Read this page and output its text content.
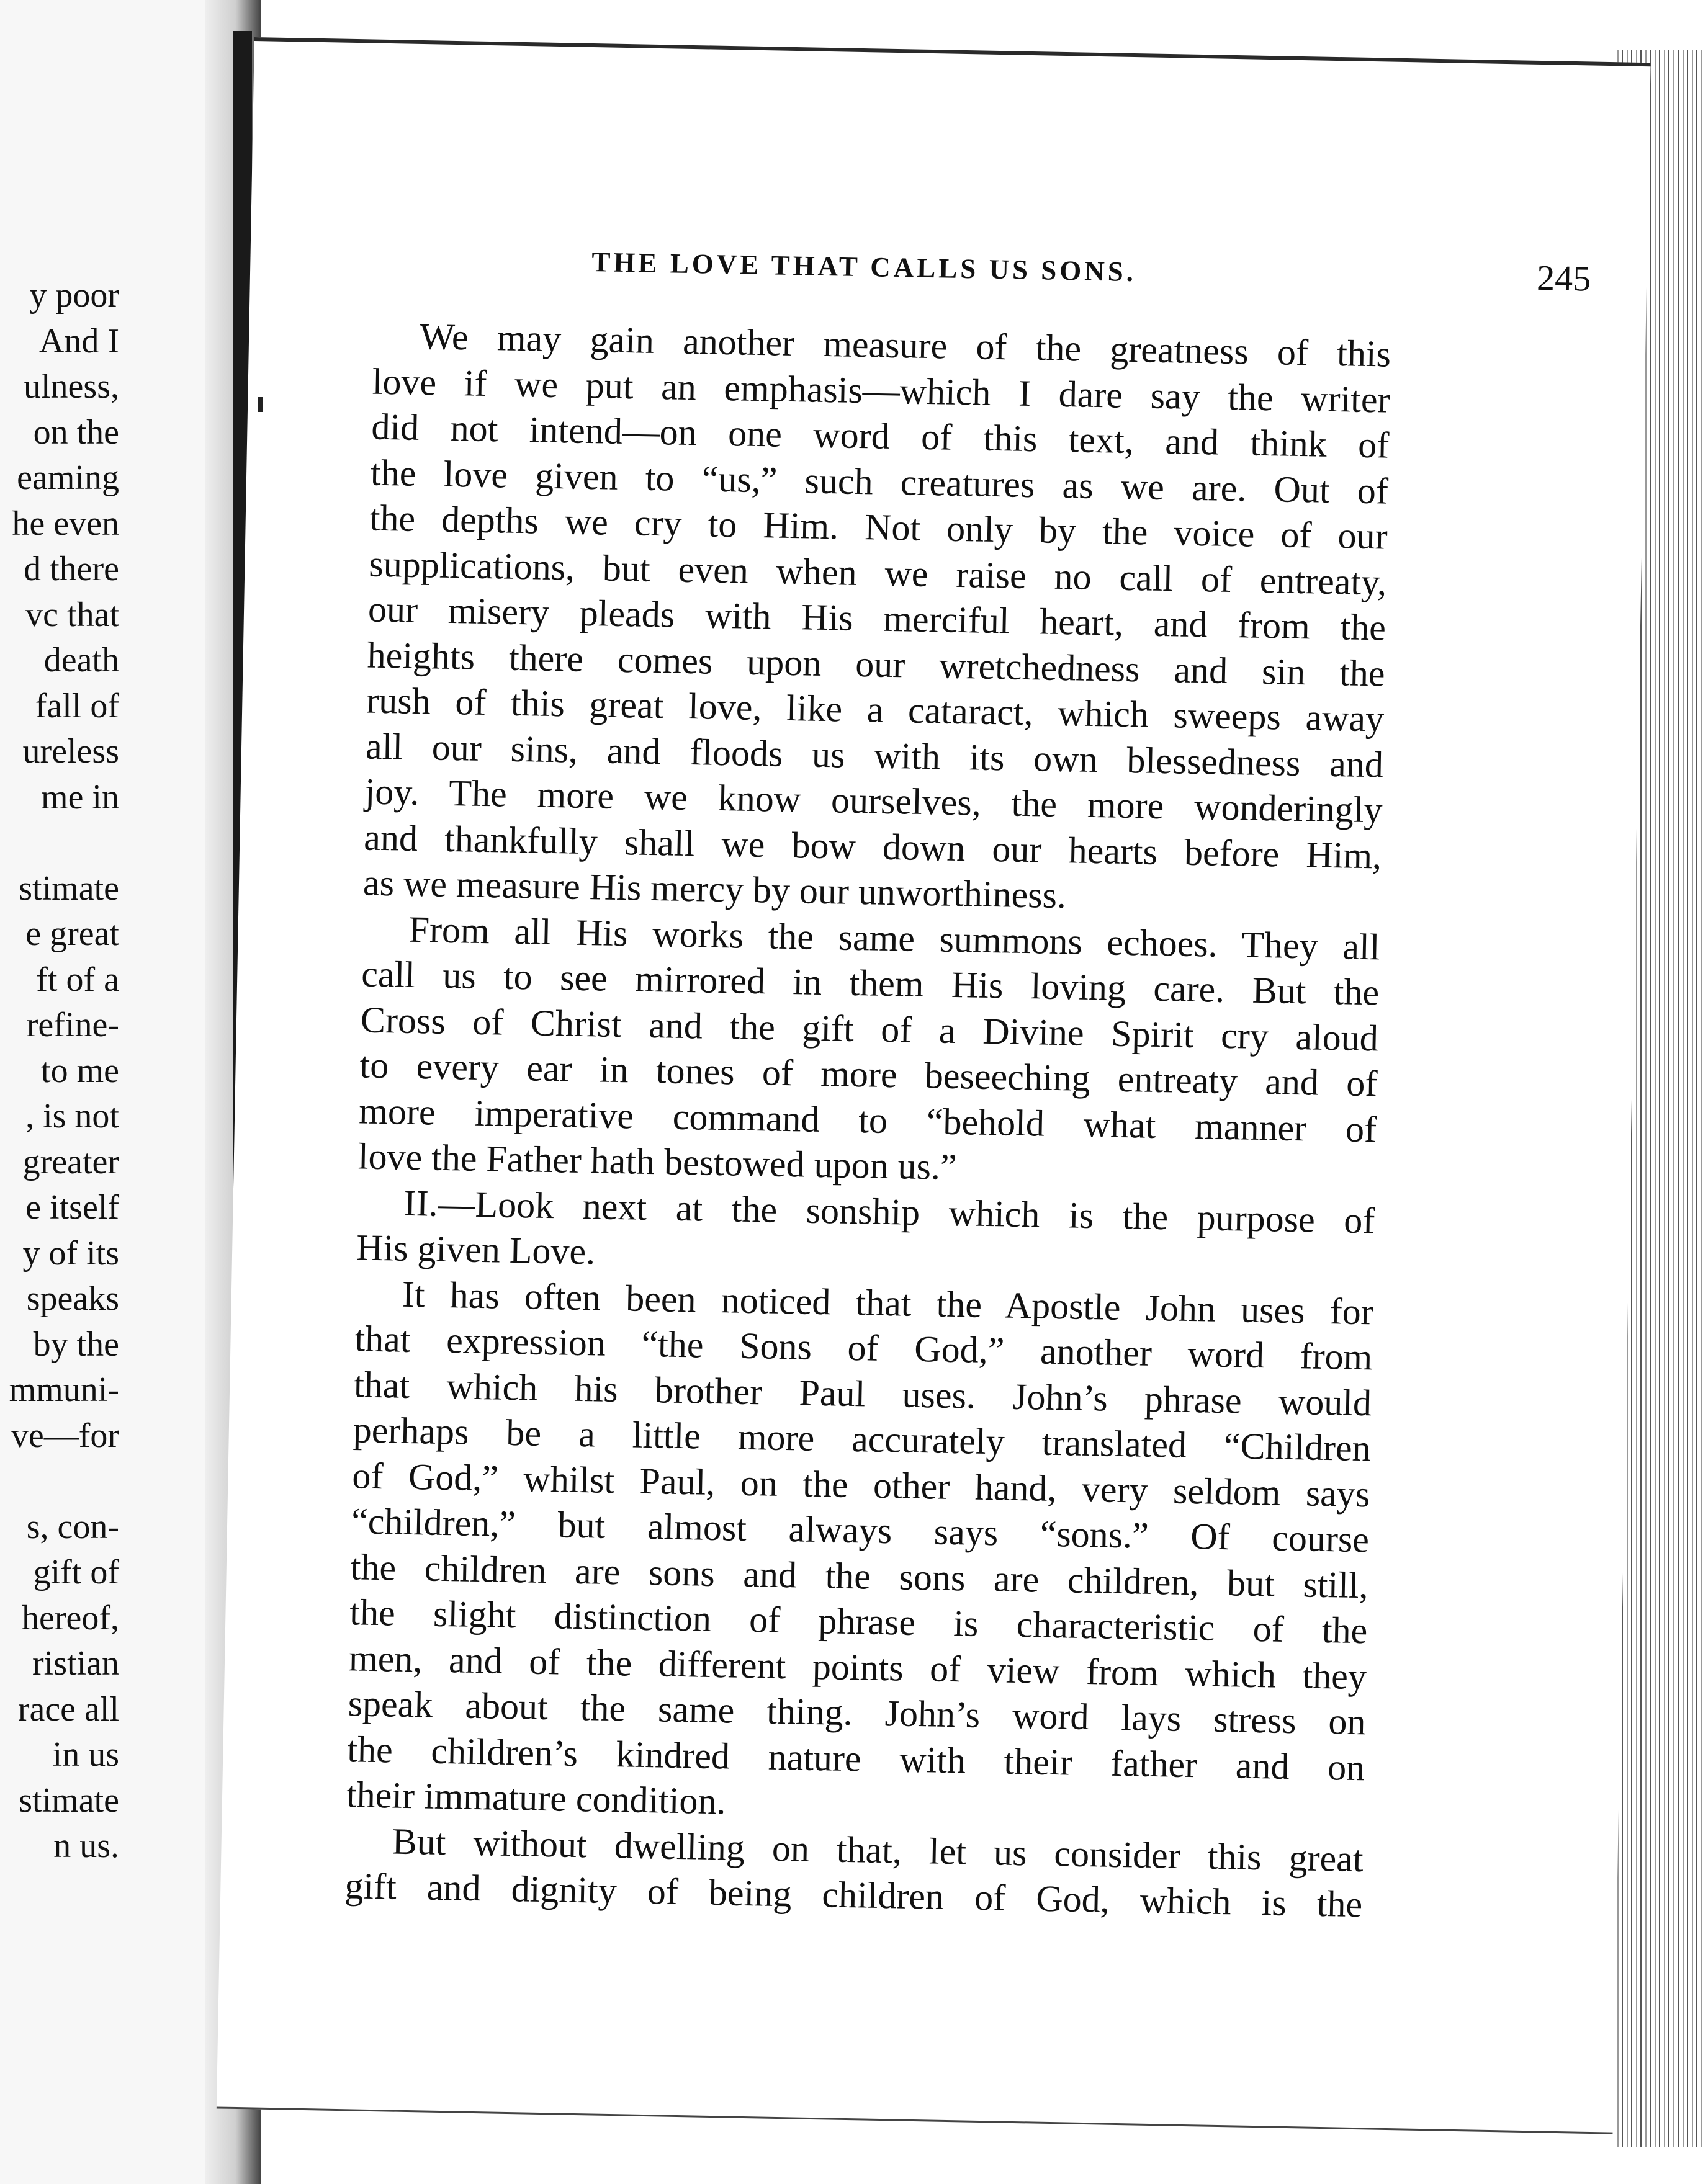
y poor
And I
ulness,
on the
eaming
he even
d there
vc that
death
fall of
ureless
me in
stimate
e great
ft of a
refine-
to me
, is not
greater
e itself
y of its
speaks
by the
mmuni-
ve—for
s, con-
gift of
hereof,
ristian
race all
in us
stimate
n us.
THE LOVE THAT CALLS US SONS.	245
We may gain another measure of the greatness of this
love if we put an emphasis—which I dare say the writer
did not intend—on one word of this text, and think of
the love given to “us,” such creatures as we are. Out of
the depths we cry to Him. Not only by the voice of our
supplications, but even when we raise no call of entreaty,
our misery pleads with His merciful heart, and from the
heights there comes upon our wretchedness and sin the
rush of this great love, like a cataract, which sweeps away
all our sins, and floods us with its own blessedness and
joy. The more we know ourselves, the more wonderingly
and thankfully shall we bow down our hearts before Him,
as we measure His mercy by our unworthiness.
From all His works the same summons echoes. They all
call us to see mirrored in them His loving care. But the
Cross of Christ and the gift of a Divine Spirit cry aloud
to every ear in tones of more beseeching entreaty and of
more imperative command to “behold what manner of
love the Father hath bestowed upon us.”
II.—Look next at the sonship which is the purpose of
His given Love.
It has often been noticed that the Apostle John uses for
that expression “the Sons of God,” another word from
that which his brother Paul uses. John’s phrase would
perhaps be a little more accurately translated “Children
of God,” whilst Paul, on the other hand, very seldom says
“children,” but almost always says “sons.” Of course
the children are sons and the sons are children, but still,
the slight distinction of phrase is characteristic of the
men, and of the different points of view from which they
speak about the same thing. John’s word lays stress on
the children’s kindred nature with their father and on
their immature condition.
But without dwelling on that, let us consider this great
gift and dignity of being children of God, which is the
